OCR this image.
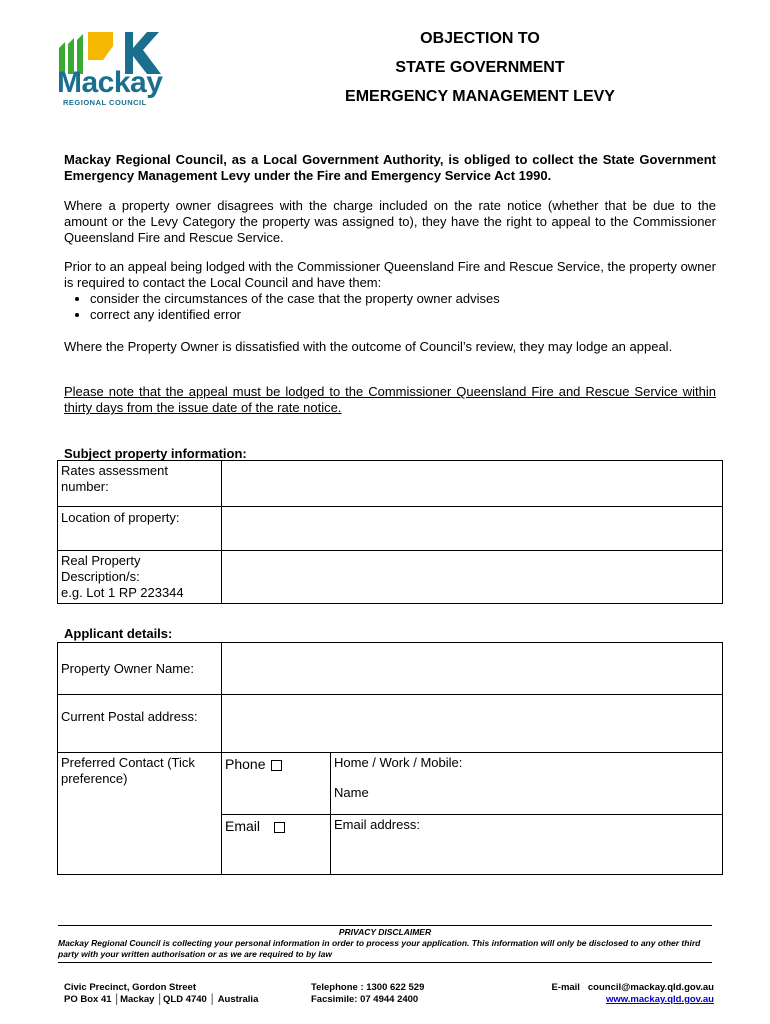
Mackay
REGIONAL COUNCIL
OBJECTION TO
STATE GOVERNMENT
EMERGENCY MANAGEMENT LEVY
Mackay Regional Council, as a Local Government Authority, is obliged to collect the State Government Emergency Management Levy under the Fire and Emergency Service Act 1990.
Where a property owner disagrees with the charge included on the rate notice (whether that be due to the amount or the Levy Category the property was assigned to), they have the right to appeal to the Commissioner Queensland Fire and Rescue Service.
Prior to an appeal being lodged with the Commissioner Queensland Fire and Rescue Service, the property owner is required to contact the Local Council and have them:
• consider the circumstances of the case that the property owner advises
• correct any identified error
Where the Property Owner is dissatisfied with the outcome of Council’s review, they may lodge an appeal.
Please note that the appeal must be lodged to the Commissioner Queensland Fire and Rescue Service within thirty days from the issue date of the rate notice.
Subject property information:
Rates assessment number:	
Location of property:	

Real Property Description/s:
e.g. Lot 1 RP 223344	

Applicant details:
Property Owner Name:		
Current Postal address:		
Preferred Contact (Tick preference)	Phone	Home / Work / Mobile:
Name

	Email	Email address:
PRIVACY DISCLAIMER
Mackay Regional Council is collecting your personal information in order to process your application. This information will only be disclosed to any other third party with your written authorisation or as we are required to by law
Civic Precinct, Gordon Street
PO Box 41 │Mackay │QLD 4740 │ Australia
Telephone : 1300 622 529
Facsimile: 07 4944 2400
E-mail council@mackay.qld.gov.au
www.mackay.qld.gov.au
